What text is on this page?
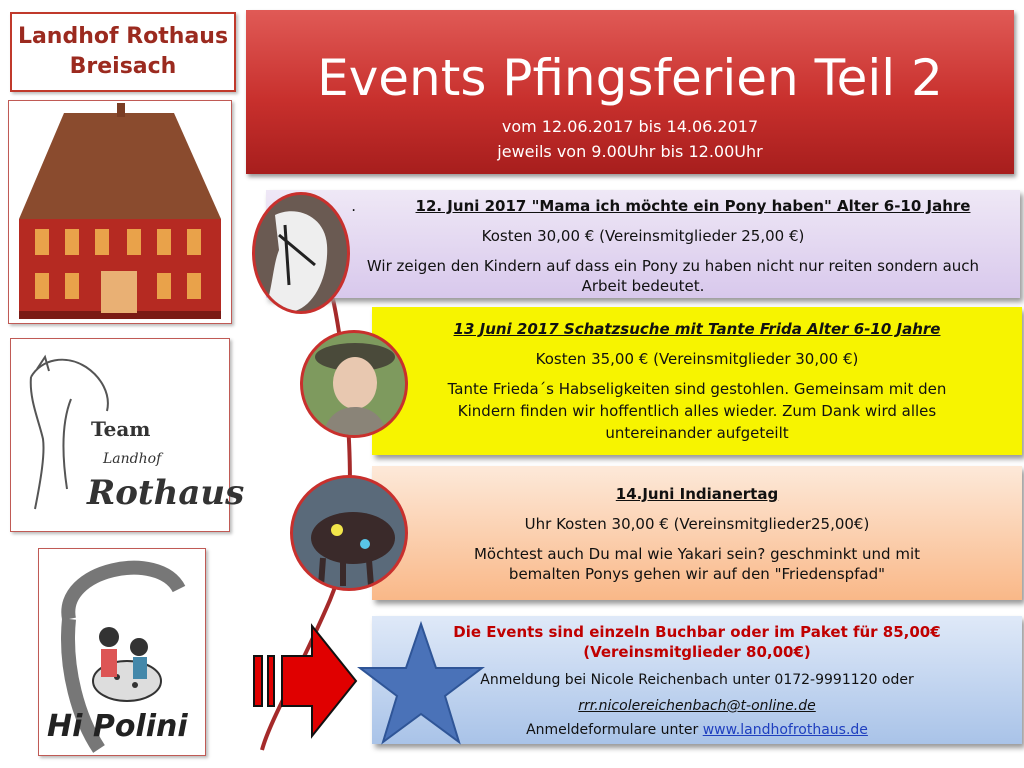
Landhof Rothaus
Breisach	Events Pfingsferien Teil 2
vom 12.06.2017 bis 14.06.2017
jeweils von 9.00Uhr bis 12.00Uhr
Team
Landhof
Rothaus
Hi Polini
.	12. Juni 2017 "Mama ich möchte ein Pony haben" Alter 6-10 Jahre
Kosten 30,00 € (Vereinsmitglieder 25,00 €)
Wir zeigen den Kindern auf dass ein Pony zu haben nicht nur reiten sondern auch
Arbeit bedeutet.
13 Juni 2017 Schatzsuche mit Tante Frida Alter 6-10 Jahre
Kosten 35,00 € (Vereinsmitglieder 30,00 €)
Tante Frieda´s Habseligkeiten sind gestohlen. Gemeinsam mit den
Kindern finden wir hoffentlich alles wieder. Zum Dank wird alles
untereinander aufgeteilt
14.Juni Indianertag
Uhr Kosten 30,00 € (Vereinsmitglieder25,00€)
Möchtest auch Du mal wie Yakari sein? geschminkt und mit
bemalten Ponys gehen wir auf den "Friedenspfad"
Die Events sind einzeln Buchbar oder im Paket für 85,00€
(Vereinsmitglieder 80,00€)
Anmeldung bei Nicole Reichenbach unter 0172-9991120 oder
rrr.nicolereichenbach@t-online.de
Anmeldeformulare unter www.landhofrothaus.de
